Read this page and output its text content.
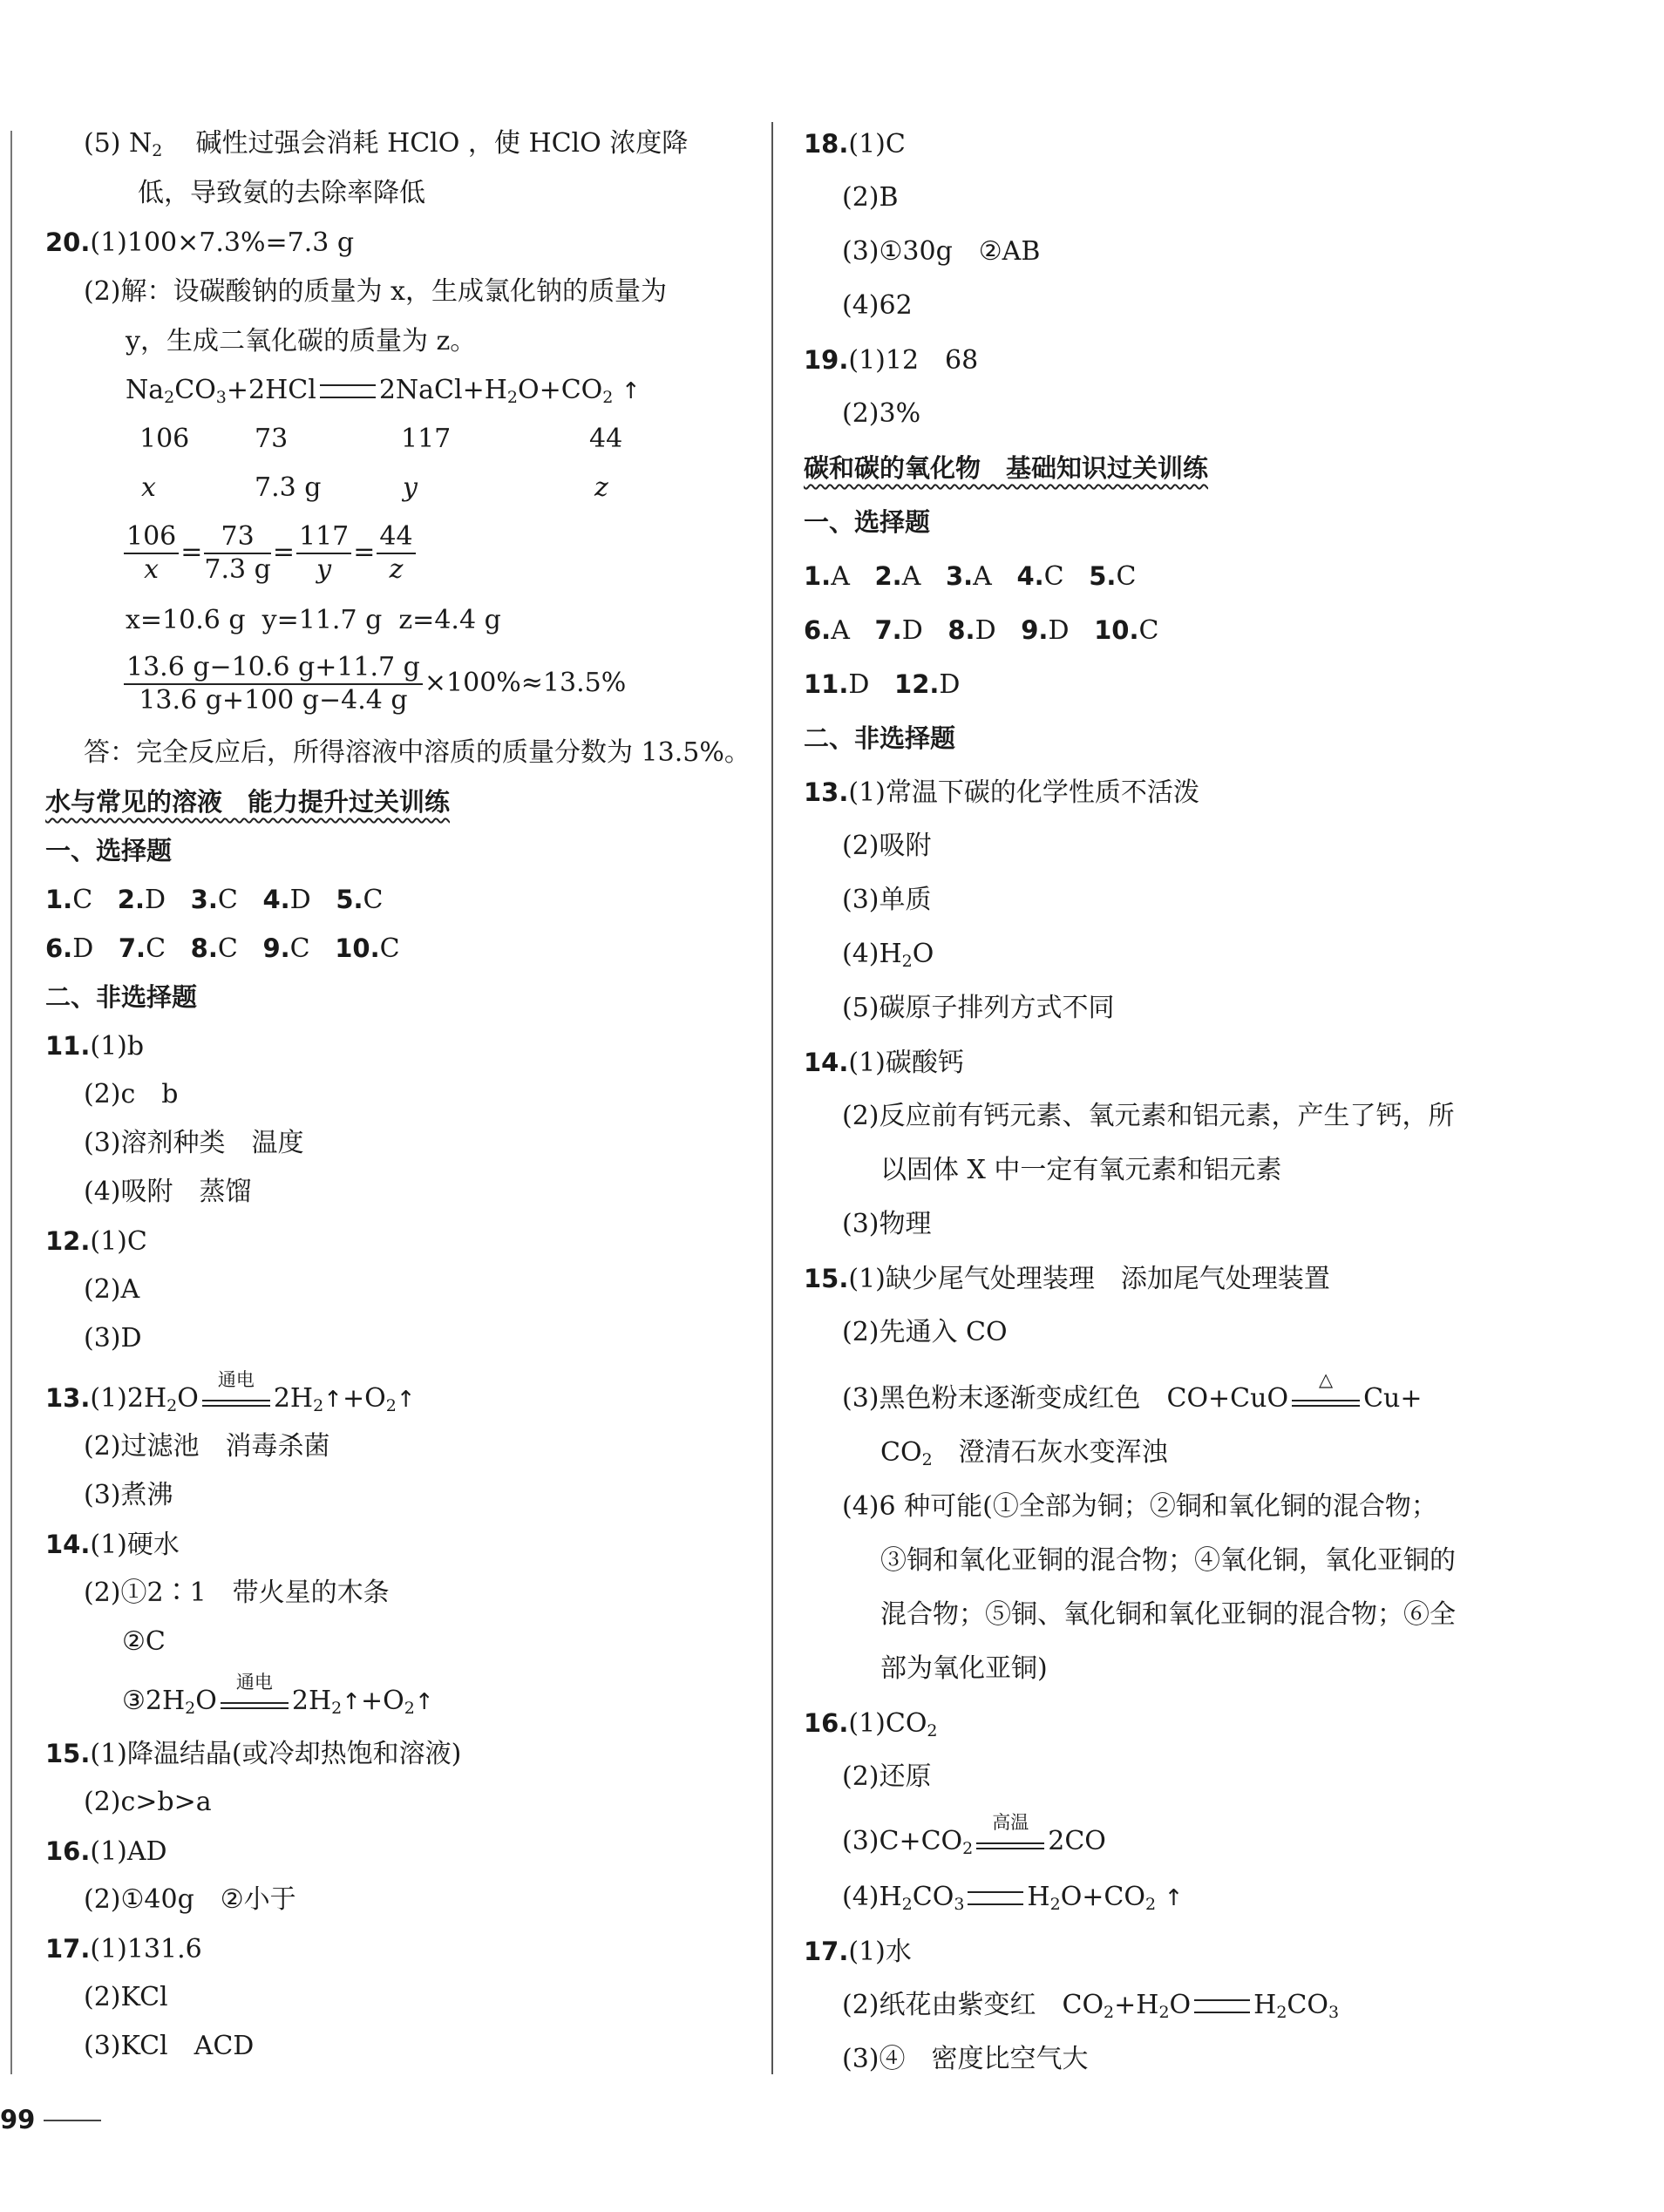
(5) $N_2$ 碱性过强会消耗 HClO ，使 HClO 浓度降
低，导致氨的去除率降低
20.(1)100×7.3%=7.3 g
(2)解：设碳酸钠的质量为 x，生成氯化钠的质量为
y，生成二氧化碳的质量为 z。
$Na_2CO_3+2HCl$ $2NaCl+H_2O+CO_2$ ↑
106 73	117	44
x	7.3 g	y	z
$\frac{106}{x} = \frac{73}{7.3 g} = \frac{117}{y} = \frac{44}{z}$
x=10.6 g y=11.7 g z=4.4 g
$\frac{13.6 g-10.6 g+11.7 g}{13.6 g+100 g-4.4 g} \times 100\%\approx 13.5\%$
答：完全反应后，所得溶液中溶质的质量分数为 13.5%。
水与常见的溶液　能力提升过关训练
一、选择题
1.C 2.D 3.C 4.D 5.C
6.D 7.C 8.C 9.C 10.C
二、非选择题
11.(1)b
(2)c　b
(3)溶剂种类　温度
(4)吸附　蒸馏
12.(1)C
(2)A
(3)D
$13.(1)2H_2O$
通电
$2H_2↑+O_2↑$
(2)过滤池　消毒杀菌
(3)煮沸
14.(1)硬水
(2)①2∶1　带火星的木条
②C
$③2H_2O$
通电
$2H_2↑+O_2↑$
15.(1)降温结晶(或冷却热饱和溶液)
(2)c>b>a
16.(1)AD
(2)①40g　②小于
17.(1)131.6
(2)KCl
(3)KCl　ACD
99
18.(1)C
(2)B
(3)①30g　②AB
(4)62
19.(1)12　68
(2)3%
碳和碳的氧化物　基础知识过关训练
一、选择题
1.A 2.A 3.A 4.C 5.C
6.A 7.D 8.D 9.D 10.C
11.D 12.D
二、非选择题
13.(1)常温下碳的化学性质不活泼
(2)吸附
(3)单质
$(4)H_2O$
(5)碳原子排列方式不同
14.(1)碳酸钙
(2)反应前有钙元素、氧元素和铝元素，产生了钙，所
以固体 X 中一定有氧元素和铝元素
(3)物理
15.(1)缺少尾气处理装理　添加尾气处理装置
(2)先通入 CO
(3)黑色粉末逐渐变成红色　CO+CuO
△
Cu+
$CO_2$　澄清石灰水变浑浊
(4)6 种可能(①全部为铜；②铜和氧化铜的混合物；
③铜和氧化亚铜的混合物；④氧化铜，氧化亚铜的
混合物；⑤铜、氧化铜和氧化亚铜的混合物；⑥全
部为氧化亚铜)
$16.(1)CO_2$
(2)还原
$(3)C+CO_2$
高温
2CO
$(4)H_2CO_3$ $H_2O+CO_2$ ↑
17.(1)水
(2)纸花由紫变红　$CO_2+H_2O$ $H_2CO_3$
(3)④　密度比空气大
